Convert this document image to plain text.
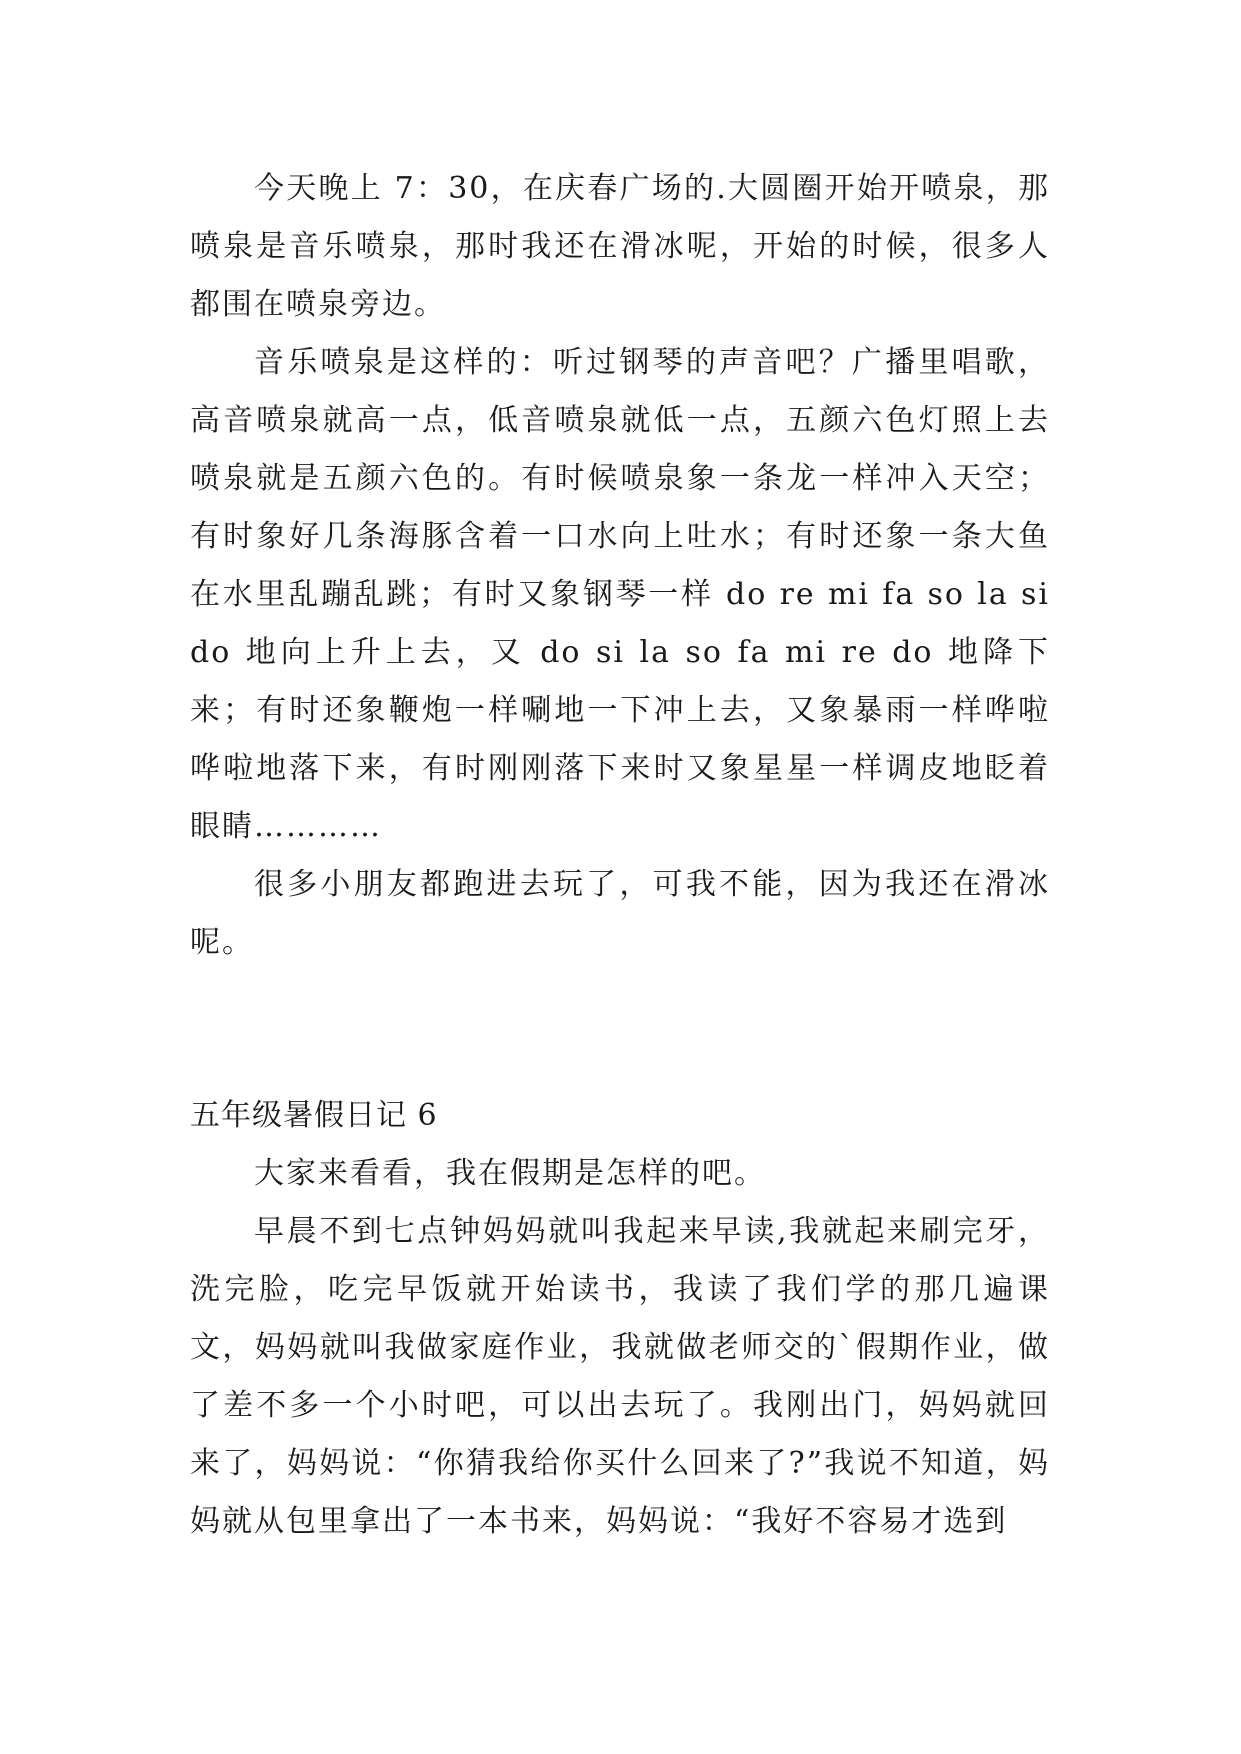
今天晚上 7：30，在庆春广场的.大圆圈开始开喷泉，那喷泉是音乐喷泉，那时我还在滑冰呢，开始的时候，很多人都围在喷泉旁边。

音乐喷泉是这样的：听过钢琴的声音吧？广播里唱歌，高音喷泉就高一点，低音喷泉就低一点，五颜六色灯照上去喷泉就是五颜六色的。有时候喷泉象一条龙一样冲入天空；有时象好几条海豚含着一口水向上吐水；有时还象一条大鱼在水里乱蹦乱跳；有时又象钢琴一样 do re mi fa so la si do 地向上升上去，又 do si la so fa mi re do 地降下来；有时还象鞭炮一样唰地一下冲上去，又象暴雨一样哗啦哗啦地落下来，有时刚刚落下来时又象星星一样调皮地眨着眼睛…………

很多小朋友都跑进去玩了，可我不能，因为我还在滑冰呢。

五年级暑假日记 6

大家来看看，我在假期是怎样的吧。

早晨不到七点钟妈妈就叫我起来早读,我就起来刷完牙，洗完脸，吃完早饭就开始读书，我读了我们学的那几遍课文，妈妈就叫我做家庭作业，我就做老师交的`假期作业，做了差不多一个小时吧，可以出去玩了。我刚出门，妈妈就回来了，妈妈说：“你猜我给你买什么回来了?”我说不知道，妈妈就从包里拿出了一本书来，妈妈说：“我好不容易才选到
